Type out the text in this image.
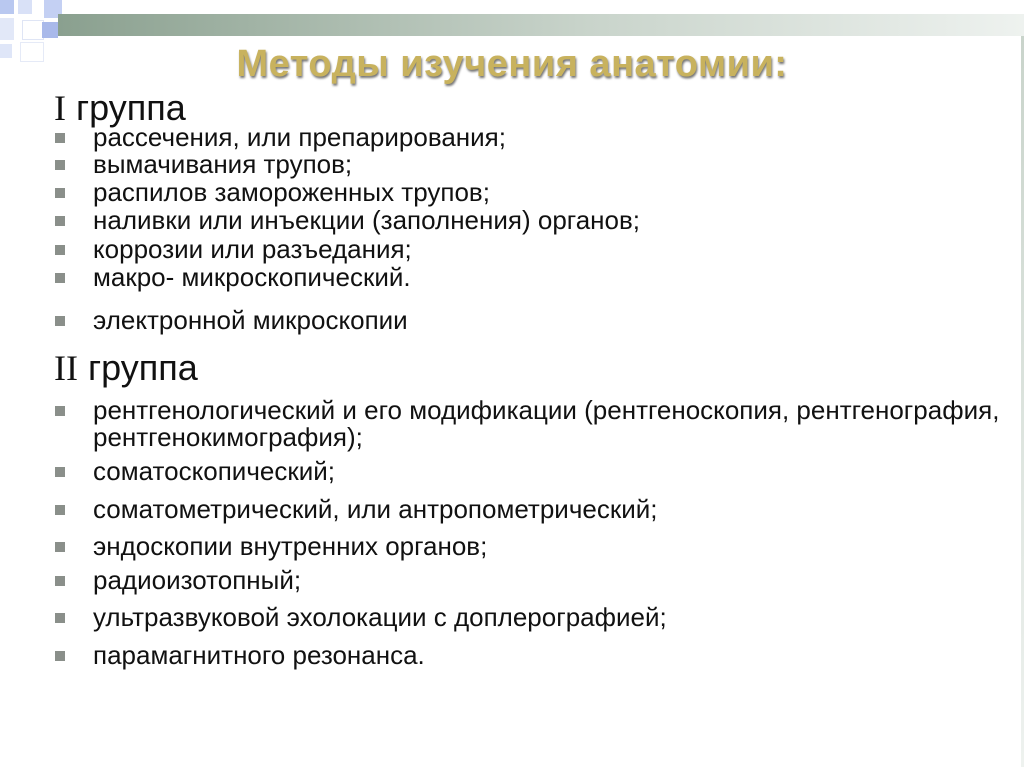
Методы изучения анатомии:
I группа
рассечения, или препарирования;
вымачивания трупов;
распилов замороженных трупов;
наливки или инъекции (заполнения) органов;
коррозии или разъедания;
макро- микроскопический.
электронной микроскопии
II группа
рентгенологический и его модификации (рентгеноскопия, рентгенография, рентгенокимография);
соматоскопический;
соматометрический, или антропометрический;
эндоскопии внутренних органов;
радиоизотопный;
ультразвуковой эхолокации с доплерографией;
парамагнитного резонанса.
